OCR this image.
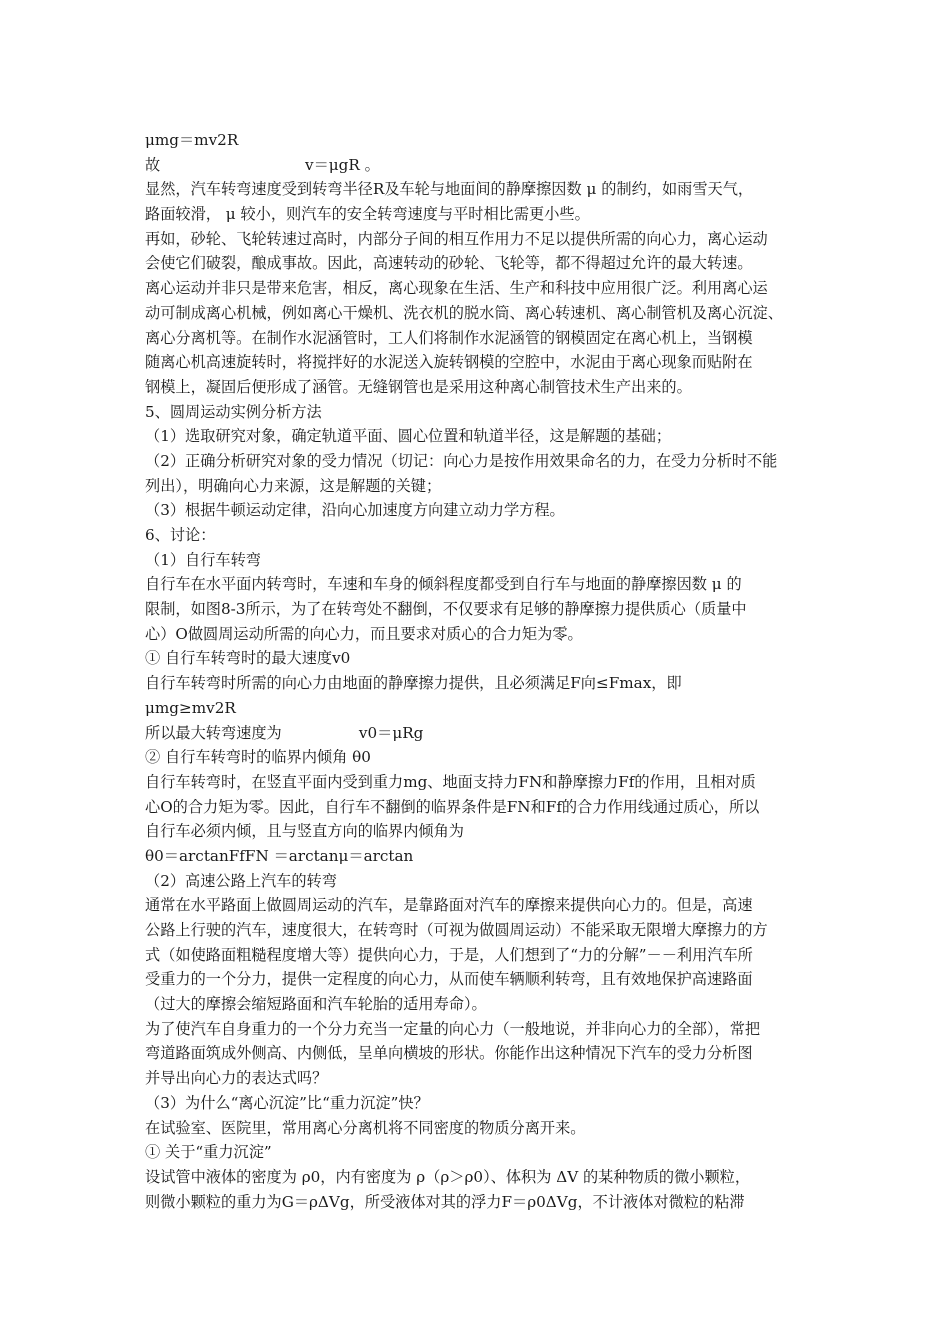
μmg＝mv2R
故                              v＝μgR 。
显然，汽车转弯速度受到转弯半径R及车轮与地面间的静摩擦因数 μ 的制约，如雨雪天气，
路面较滑， μ 较小，则汽车的安全转弯速度与平时相比需更小些。
再如，砂轮、飞轮转速过高时，内部分子间的相互作用力不足以提供所需的向心力，离心运动
会使它们破裂，酿成事故。因此，高速转动的砂轮、飞轮等，都不得超过允许的最大转速。
离心运动并非只是带来危害，相反，离心现象在生活、生产和科技中应用很广泛。利用离心运
动可制成离心机械，例如离心干燥机、洗衣机的脱水筒、离心转速机、离心制管机及离心沉淀、
离心分离机等。在制作水泥涵管时，工人们将制作水泥涵管的钢模固定在离心机上，当钢模
随离心机高速旋转时，将搅拌好的水泥送入旋转钢模的空腔中，水泥由于离心现象而贴附在
钢模上，凝固后便形成了涵管。无缝钢管也是采用这种离心制管技术生产出来的。
5、圆周运动实例分析方法
（1）选取研究对象，确定轨道平面、圆心位置和轨道半径，这是解题的基础；
（2）正确分析研究对象的受力情况（切记：向心力是按作用效果命名的力，在受力分析时不能
列出），明确向心力来源，这是解题的关键；
（3）根据牛顿运动定律，沿向心加速度方向建立动力学方程。
6、讨论：
（1）自行车转弯
自行车在水平面内转弯时，车速和车身的倾斜程度都受到自行车与地面的静摩擦因数 μ 的
限制，如图8-3所示，为了在转弯处不翻倒，不仅要求有足够的静摩擦力提供质心（质量中
心）O做圆周运动所需的向心力，而且要求对质心的合力矩为零。
① 自行车转弯时的最大速度v0
自行车转弯时所需的向心力由地面的静摩擦力提供，且必须满足F向≤Fmax，即
μmg≥mv2R
所以最大转弯速度为                v0＝μRg
② 自行车转弯时的临界内倾角 θ0
自行车转弯时，在竖直平面内受到重力mg、地面支持力FN和静摩擦力Ff的作用，且相对质
心O的合力矩为零。因此，自行车不翻倒的临界条件是FN和Ff的合力作用线通过质心，所以
自行车必须内倾，且与竖直方向的临界内倾角为
θ0＝arctanFfFN ＝arctanμ＝arctan
（2）高速公路上汽车的转弯
通常在水平路面上做圆周运动的汽车，是靠路面对汽车的摩擦来提供向心力的。但是，高速
公路上行驶的汽车，速度很大，在转弯时（可视为做圆周运动）不能采取无限增大摩擦力的方
式（如使路面粗糙程度增大等）提供向心力，于是，人们想到了“力的分解”－－利用汽车所
受重力的一个分力，提供一定程度的向心力，从而使车辆顺利转弯，且有效地保护高速路面
（过大的摩擦会缩短路面和汽车轮胎的适用寿命）。
为了使汽车自身重力的一个分力充当一定量的向心力（一般地说，并非向心力的全部），常把
弯道路面筑成外侧高、内侧低，呈单向横坡的形状。你能作出这种情况下汽车的受力分析图
并导出向心力的表达式吗？
（3）为什么“离心沉淀”比“重力沉淀”快？
在试验室、医院里，常用离心分离机将不同密度的物质分离开来。
① 关于“重力沉淀”
设试管中液体的密度为 ρ0，内有密度为 ρ（ρ＞ρ0）、体积为 ΔV 的某种物质的微小颗粒，
则微小颗粒的重力为G＝ρΔVg，所受液体对其的浮力F＝ρ0ΔVg，不计液体对微粒的粘滞
